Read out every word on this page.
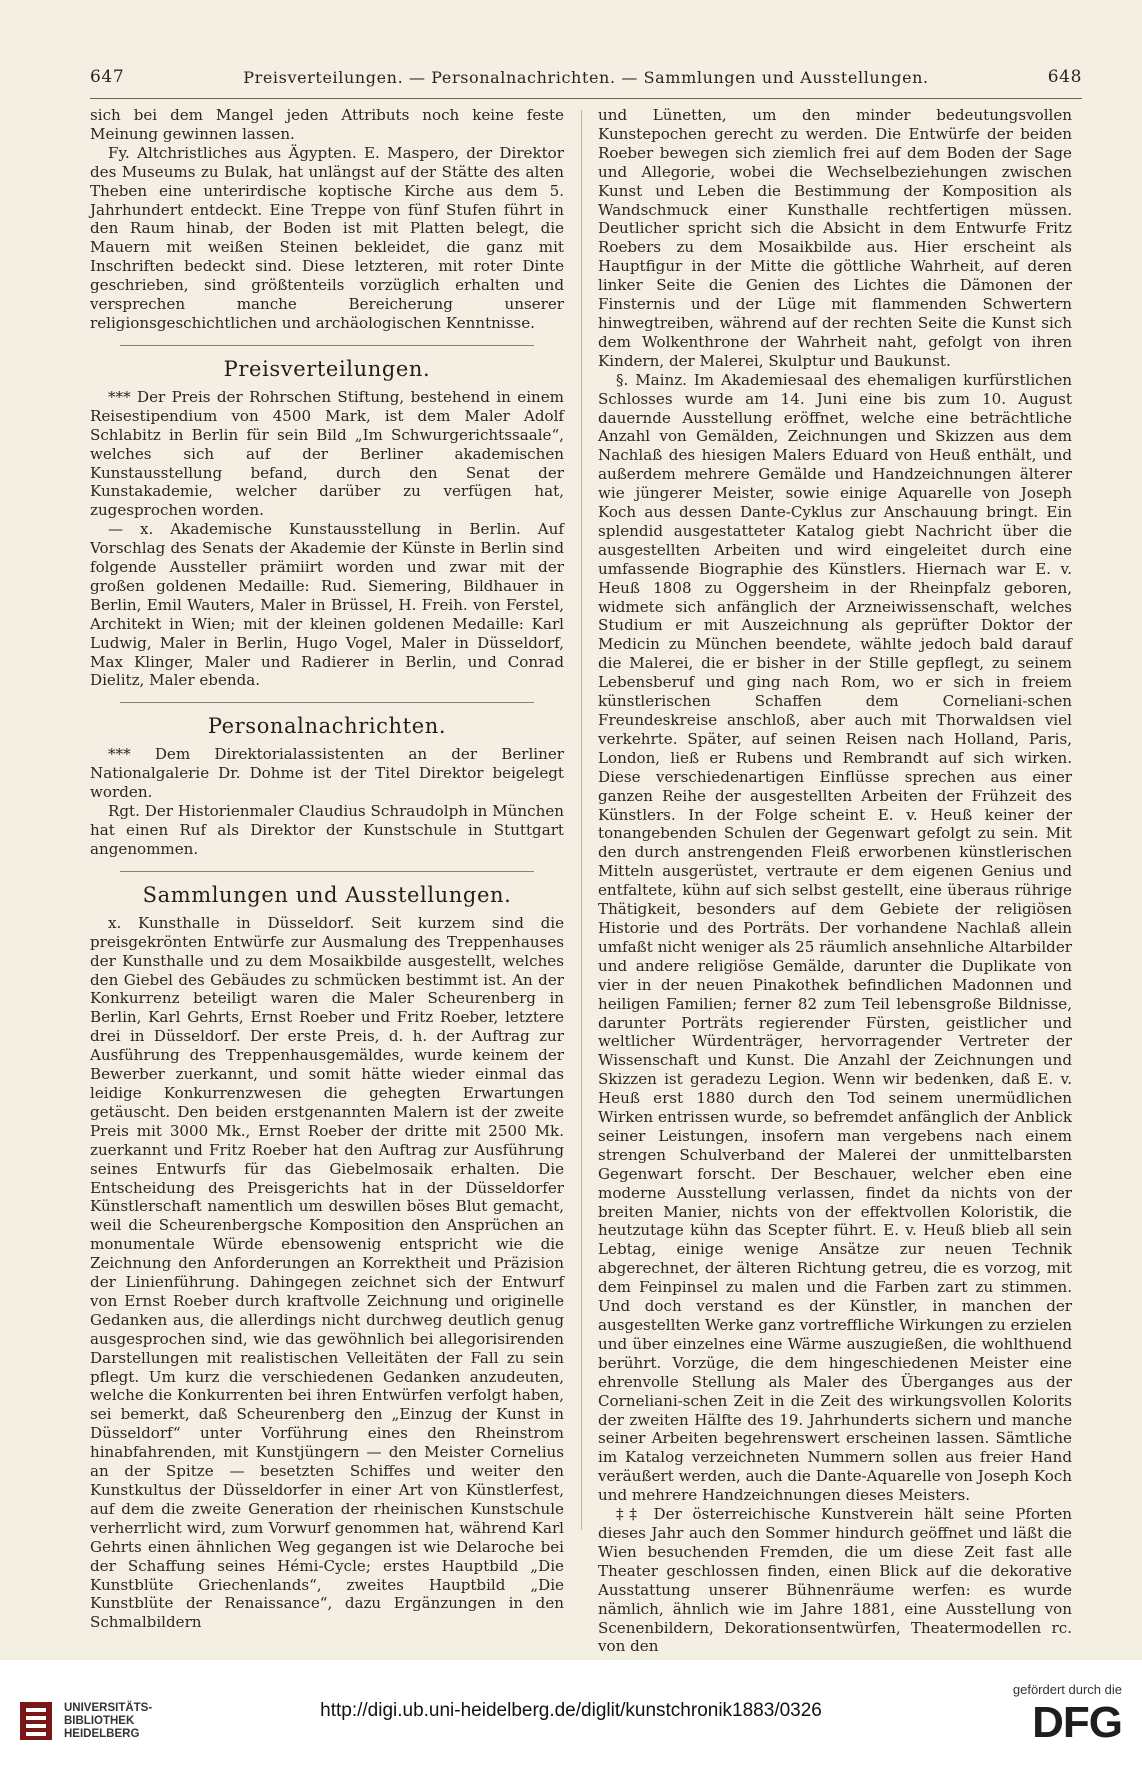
647	Preisverteilungen. — Personalnachrichten. — Sammlungen und Ausstellungen.	648

sich bei dem Mangel jeden Attributs noch keine feste Meinung gewinnen lassen.

Fy. Altchristliches aus Ägypten. E. Maspero, der Direktor des Museums zu Bulak, hat unlängst auf der Stätte des alten Theben eine unterirdische koptische Kirche aus dem 5. Jahrhundert entdeckt. Eine Treppe von fünf Stufen führt in den Raum hinab, der Boden ist mit Platten belegt, die Mauern mit weißen Steinen bekleidet, die ganz mit Inschriften bedeckt sind. Diese letzteren, mit roter Dinte geschrieben, sind größtenteils vorzüglich erhalten und versprechen manche Bereicherung unserer religionsgeschichtlichen und archäologischen Kenntnisse.

Preisverteilungen.

*** Der Preis der Rohrschen Stiftung, bestehend in einem Reisestipendium von 4500 Mark, ist dem Maler Adolf Schlabitz in Berlin für sein Bild „Im Schwurgerichtssaale“, welches sich auf der Berliner akademischen Kunstausstellung befand, durch den Senat der Kunstakademie, welcher darüber zu verfügen hat, zugesprochen worden.

— x. Akademische Kunstausstellung in Berlin. Auf Vorschlag des Senats der Akademie der Künste in Berlin sind folgende Aussteller prämiirt worden und zwar mit der großen goldenen Medaille: Rud. Siemering, Bildhauer in Berlin, Emil Wauters, Maler in Brüssel, H. Freih. von Ferstel, Architekt in Wien; mit der kleinen goldenen Medaille: Karl Ludwig, Maler in Berlin, Hugo Vogel, Maler in Düsseldorf, Max Klinger, Maler und Radierer in Berlin, und Conrad Dielitz, Maler ebenda.

Personalnachrichten.

*** Dem Direktorialassistenten an der Berliner Nationalgalerie Dr. Dohme ist der Titel Direktor beigelegt worden.

Rgt. Der Historienmaler Claudius Schraudolph in München hat einen Ruf als Direktor der Kunstschule in Stuttgart angenommen.

Sammlungen und Ausstellungen.

x. Kunsthalle in Düsseldorf. Seit kurzem sind die preisgekrönten Entwürfe zur Ausmalung des Treppenhauses der Kunsthalle und zu dem Mosaikbilde ausgestellt, welches den Giebel des Gebäudes zu schmücken bestimmt ist. An der Konkurrenz beteiligt waren die Maler Scheurenberg in Berlin, Karl Gehrts, Ernst Roeber und Fritz Roeber, letztere drei in Düsseldorf. Der erste Preis, d. h. der Auftrag zur Ausführung des Treppenhausgemäldes, wurde keinem der Bewerber zuerkannt, und somit hätte wieder einmal das leidige Konkurrenzwesen die gehegten Erwartungen getäuscht. Den beiden erstgenannten Malern ist der zweite Preis mit 3000 Mk., Ernst Roeber der dritte mit 2500 Mk. zuerkannt und Fritz Roeber hat den Auftrag zur Ausführung seines Entwurfs für das Giebelmosaik erhalten. Die Entscheidung des Preisgerichts hat in der Düsseldorfer Künstlerschaft namentlich um deswillen böses Blut gemacht, weil die Scheurenbergsche Komposition den Ansprüchen an monumentale Würde ebensowenig entspricht wie die Zeichnung den Anforderungen an Korrektheit und Präzision der Linienführung. Dahingegen zeichnet sich der Entwurf von Ernst Roeber durch kraftvolle Zeichnung und originelle Gedanken aus, die allerdings nicht durchweg deutlich genug ausgesprochen sind, wie das gewöhnlich bei allegorisirenden Darstellungen mit realistischen Velleitäten der Fall zu sein pflegt. Um kurz die verschiedenen Gedanken anzudeuten, welche die Konkurrenten bei ihren Entwürfen verfolgt haben, sei bemerkt, daß Scheurenberg den „Einzug der Kunst in Düsseldorf“ unter Vorführung eines den Rheinstrom hinabfahrenden, mit Kunstjüngern — den Meister Cornelius an der Spitze — besetzten Schiffes und weiter den Kunstkultus der Düsseldorfer in einer Art von Künstlerfest, auf dem die zweite Generation der rheinischen Kunstschule verherrlicht wird, zum Vorwurf genommen hat, während Karl Gehrts einen ähnlichen Weg gegangen ist wie Delaroche bei der Schaffung seines Hémi-Cycle; erstes Hauptbild „Die Kunstblüte Griechenlands“, zweites Hauptbild „Die Kunstblüte der Renaissance“, dazu Ergänzungen in den Schmalbildern

und Lünetten, um den minder bedeutungsvollen Kunstepochen gerecht zu werden. Die Entwürfe der beiden Roeber bewegen sich ziemlich frei auf dem Boden der Sage und Allegorie, wobei die Wechselbeziehungen zwischen Kunst und Leben die Bestimmung der Komposition als Wandschmuck einer Kunsthalle rechtfertigen müssen. Deutlicher spricht sich die Absicht in dem Entwurfe Fritz Roebers zu dem Mosaikbilde aus. Hier erscheint als Hauptfigur in der Mitte die göttliche Wahrheit, auf deren linker Seite die Genien des Lichtes die Dämonen der Finsternis und der Lüge mit flammenden Schwertern hinwegtreiben, während auf der rechten Seite die Kunst sich dem Wolkenthrone der Wahrheit naht, gefolgt von ihren Kindern, der Malerei, Skulptur und Baukunst.

§. Mainz. Im Akademiesaal des ehemaligen kurfürstlichen Schlosses wurde am 14. Juni eine bis zum 10. August dauernde Ausstellung eröffnet, welche eine beträchtliche Anzahl von Gemälden, Zeichnungen und Skizzen aus dem Nachlaß des hiesigen Malers Eduard von Heuß enthält, und außerdem mehrere Gemälde und Handzeichnungen älterer wie jüngerer Meister, sowie einige Aquarelle von Joseph Koch aus dessen Dante-Cyklus zur Anschauung bringt. Ein splendid ausgestatteter Katalog giebt Nachricht über die ausgestellten Arbeiten und wird eingeleitet durch eine umfassende Biographie des Künstlers. Hiernach war E. v. Heuß 1808 zu Oggersheim in der Rheinpfalz geboren, widmete sich anfänglich der Arzneiwissenschaft, welches Studium er mit Auszeichnung als geprüfter Doktor der Medicin zu München beendete, wählte jedoch bald darauf die Malerei, die er bisher in der Stille gepflegt, zu seinem Lebensberuf und ging nach Rom, wo er sich in freiem künstlerischen Schaffen dem Corneliani-schen Freundeskreise anschloß, aber auch mit Thorwaldsen viel verkehrte. Später, auf seinen Reisen nach Holland, Paris, London, ließ er Rubens und Rembrandt auf sich wirken. Diese verschiedenartigen Einflüsse sprechen aus einer ganzen Reihe der ausgestellten Arbeiten der Frühzeit des Künstlers. In der Folge scheint E. v. Heuß keiner der tonangebenden Schulen der Gegenwart gefolgt zu sein. Mit den durch anstrengenden Fleiß erworbenen künstlerischen Mitteln ausgerüstet, vertraute er dem eigenen Genius und entfaltete, kühn auf sich selbst gestellt, eine überaus rührige Thätigkeit, besonders auf dem Gebiete der religiösen Historie und des Porträts. Der vorhandene Nachlaß allein umfaßt nicht weniger als 25 räumlich ansehnliche Altarbilder und andere religiöse Gemälde, darunter die Duplikate von vier in der neuen Pinakothek befindlichen Madonnen und heiligen Familien; ferner 82 zum Teil lebensgroße Bildnisse, darunter Porträts regierender Fürsten, geistlicher und weltlicher Würdenträger, hervorragender Vertreter der Wissenschaft und Kunst. Die Anzahl der Zeichnungen und Skizzen ist geradezu Legion. Wenn wir bedenken, daß E. v. Heuß erst 1880 durch den Tod seinem unermüdlichen Wirken entrissen wurde, so befremdet anfänglich der Anblick seiner Leistungen, insofern man vergebens nach einem strengen Schulverband der Malerei der unmittelbarsten Gegenwart forscht. Der Beschauer, welcher eben eine moderne Ausstellung verlassen, findet da nichts von der breiten Manier, nichts von der effektvollen Koloristik, die heutzutage kühn das Scepter führt. E. v. Heuß blieb all sein Lebtag, einige wenige Ansätze zur neuen Technik abgerechnet, der älteren Richtung getreu, die es vorzog, mit dem Feinpinsel zu malen und die Farben zart zu stimmen. Und doch verstand es der Künstler, in manchen der ausgestellten Werke ganz vortreffliche Wirkungen zu erzielen und über einzelnes eine Wärme auszugießen, die wohlthuend berührt. Vorzüge, die dem hingeschiedenen Meister eine ehrenvolle Stellung als Maler des Überganges aus der Corneliani-schen Zeit in die Zeit des wirkungsvollen Kolorits der zweiten Hälfte des 19. Jahrhunderts sichern und manche seiner Arbeiten begehrenswert erscheinen lassen. Sämtliche im Katalog verzeichneten Nummern sollen aus freier Hand veräußert werden, auch die Dante-Aquarelle von Joseph Koch und mehrere Handzeichnungen dieses Meisters.

‡‡ Der österreichische Kunstverein hält seine Pforten dieses Jahr auch den Sommer hindurch geöffnet und läßt die Wien besuchenden Fremden, die um diese Zeit fast alle Theater geschlossen finden, einen Blick auf die dekorative Ausstattung unserer Bühnenräume werfen: es wurde nämlich, ähnlich wie im Jahre 1881, eine Ausstellung von Scenenbildern, Dekorationsentwürfen, Theatermodellen rc. von den

UNIVERSITÄTS-
BIBLIOTHEK
HEIDELBERG
http://digi.ub.uni-heidelberg.de/diglit/kunstchronik1883/0326
gefördert durch die
DFG
